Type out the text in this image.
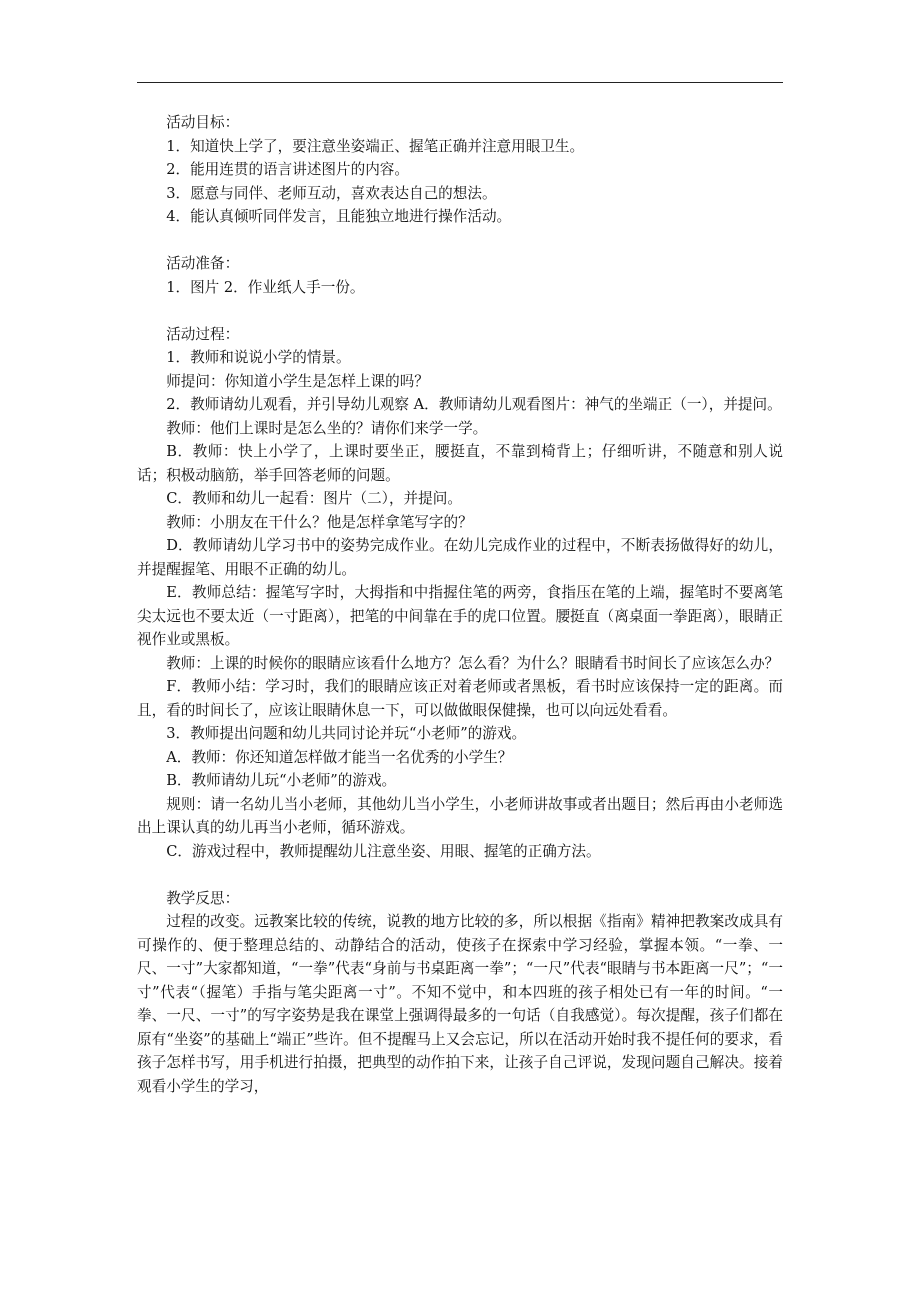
活动目标：

1．知道快上学了，要注意坐姿端正、握笔正确并注意用眼卫生。

2．能用连贯的语言讲述图片的内容。

3．愿意与同伴、老师互动，喜欢表达自己的想法。

4．能认真倾听同伴发言，且能独立地进行操作活动。

活动准备：

1．图片 2．作业纸人手一份。

活动过程：

1．教师和说说小学的情景。

师提问：你知道小学生是怎样上课的吗？

2．教师请幼儿观看，并引导幼儿观察 A．教师请幼儿观看图片：神气的坐端正（一），并提问。

教师：他们上课时是怎么坐的？请你们来学一学。

B．教师：快上小学了，上课时要坐正，腰挺直，不靠到椅背上；仔细听讲，不随意和别人说话；积极动脑筋，举手回答老师的问题。

C．教师和幼儿一起看：图片（二），并提问。

教师：小朋友在干什么？他是怎样拿笔写字的？

D．教师请幼儿学习书中的姿势完成作业。在幼儿完成作业的过程中，不断表扬做得好的幼儿，并提醒握笔、用眼不正确的幼儿。

E．教师总结：握笔写字时，大拇指和中指握住笔的两旁，食指压在笔的上端，握笔时不要离笔尖太远也不要太近（一寸距离），把笔的中间靠在手的虎口位置。腰挺直（离桌面一拳距离），眼睛正视作业或黑板。

教师：上课的时候你的眼睛应该看什么地方？怎么看？为什么？眼睛看书时间长了应该怎么办？

F．教师小结：学习时，我们的眼睛应该正对着老师或者黑板，看书时应该保持一定的距离。而且，看的时间长了，应该让眼睛休息一下，可以做做眼保健操，也可以向远处看看。

3．教师提出问题和幼儿共同讨论并玩“小老师”的游戏。

A．教师：你还知道怎样做才能当一名优秀的小学生？

B．教师请幼儿玩“小老师”的游戏。

规则：请一名幼儿当小老师，其他幼儿当小学生，小老师讲故事或者出题目；然后再由小老师选出上课认真的幼儿再当小老师，循环游戏。

C．游戏过程中，教师提醒幼儿注意坐姿、用眼、握笔的正确方法。

教学反思：

过程的改变。远教案比较的传统，说教的地方比较的多，所以根据《指南》精神把教案改成具有可操作的、便于整理总结的、动静结合的活动，使孩子在探索中学习经验，掌握本领。“一拳、一尺、一寸”大家都知道，“一拳”代表“身前与书桌距离一拳”；“一尺”代表“眼睛与书本距离一尺”；“一寸”代表“（握笔）手指与笔尖距离一寸”。不知不觉中，和本四班的孩子相处已有一年的时间。“一拳、一尺、一寸”的写字姿势是我在课堂上强调得最多的一句话（自我感觉）。每次提醒，孩子们都在原有“坐姿”的基础上“端正”些许。但不提醒马上又会忘记，所以在活动开始时我不提任何的要求，看孩子怎样书写，用手机进行拍摄，把典型的动作拍下来，让孩子自己评说，发现问题自己解决。接着观看小学生的学习，
